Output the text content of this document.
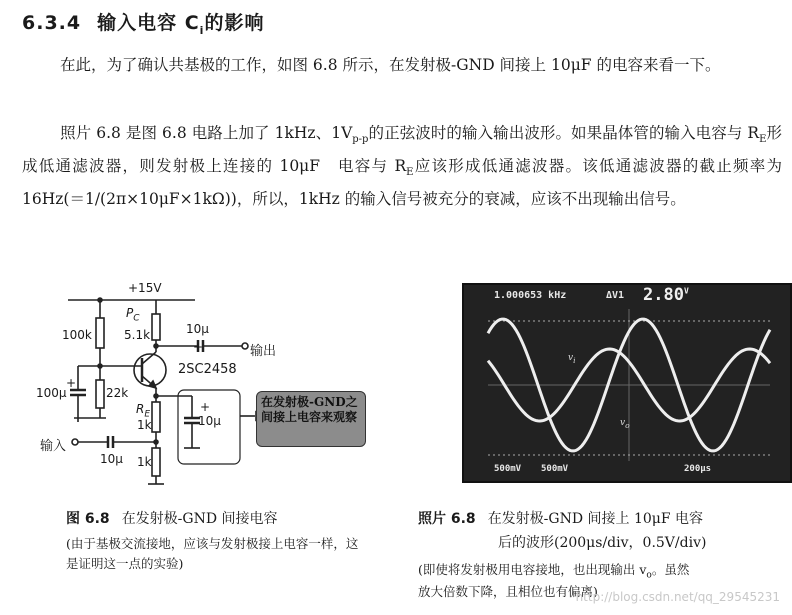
6.3.4 输入电容 $C_i$的影响
在此，为了确认共基极的工作，如图 6.8 所示，在发射极-GND 间接上 10μF 的电容来看一下。
照片 6.8 是图 6.8 电路上加了 1kHz、$1V_{p-p}$的正弦波时的输入输出波形。如果晶体管的输入电容与 $R_E$形成低通滤波器，则发射极上连接的 10μF　电容与 $R_E$应该形成低通滤波器。该低通滤波器的截止频率为 16Hz(＝1/(2π×10μF×1kΩ))，所以，1kHz 的输入信号被充分的衰减，应该不出现输出信号。
+15V
100k
$P_C$
5.1k	10μ
+	输出
2SC2458
100μ
+
22k
$R_E$
1k
1k
+
10μ
输入
10μ
在发射极-GND之间接上电容来观察
图 6.8 在发射极-GND 间接电容
(由于基极交流接地，应该与发射极接上电容一样，这是证明这一点的实验)
1.000653 kHz	ΔV1 $2.80^V$
500mV 500mV	200μs
$v_i$
$v_o$
照片 6.8 在发射极-GND 间接上 10μF 电容
后的波形(200μs/div，0.5V/div)
(即使将发射极用电容接地，也出现输出 $v_o$。虽然
放大倍数下降，且相位也有偏离)
http://blog.csdn.net/qq_29545231
